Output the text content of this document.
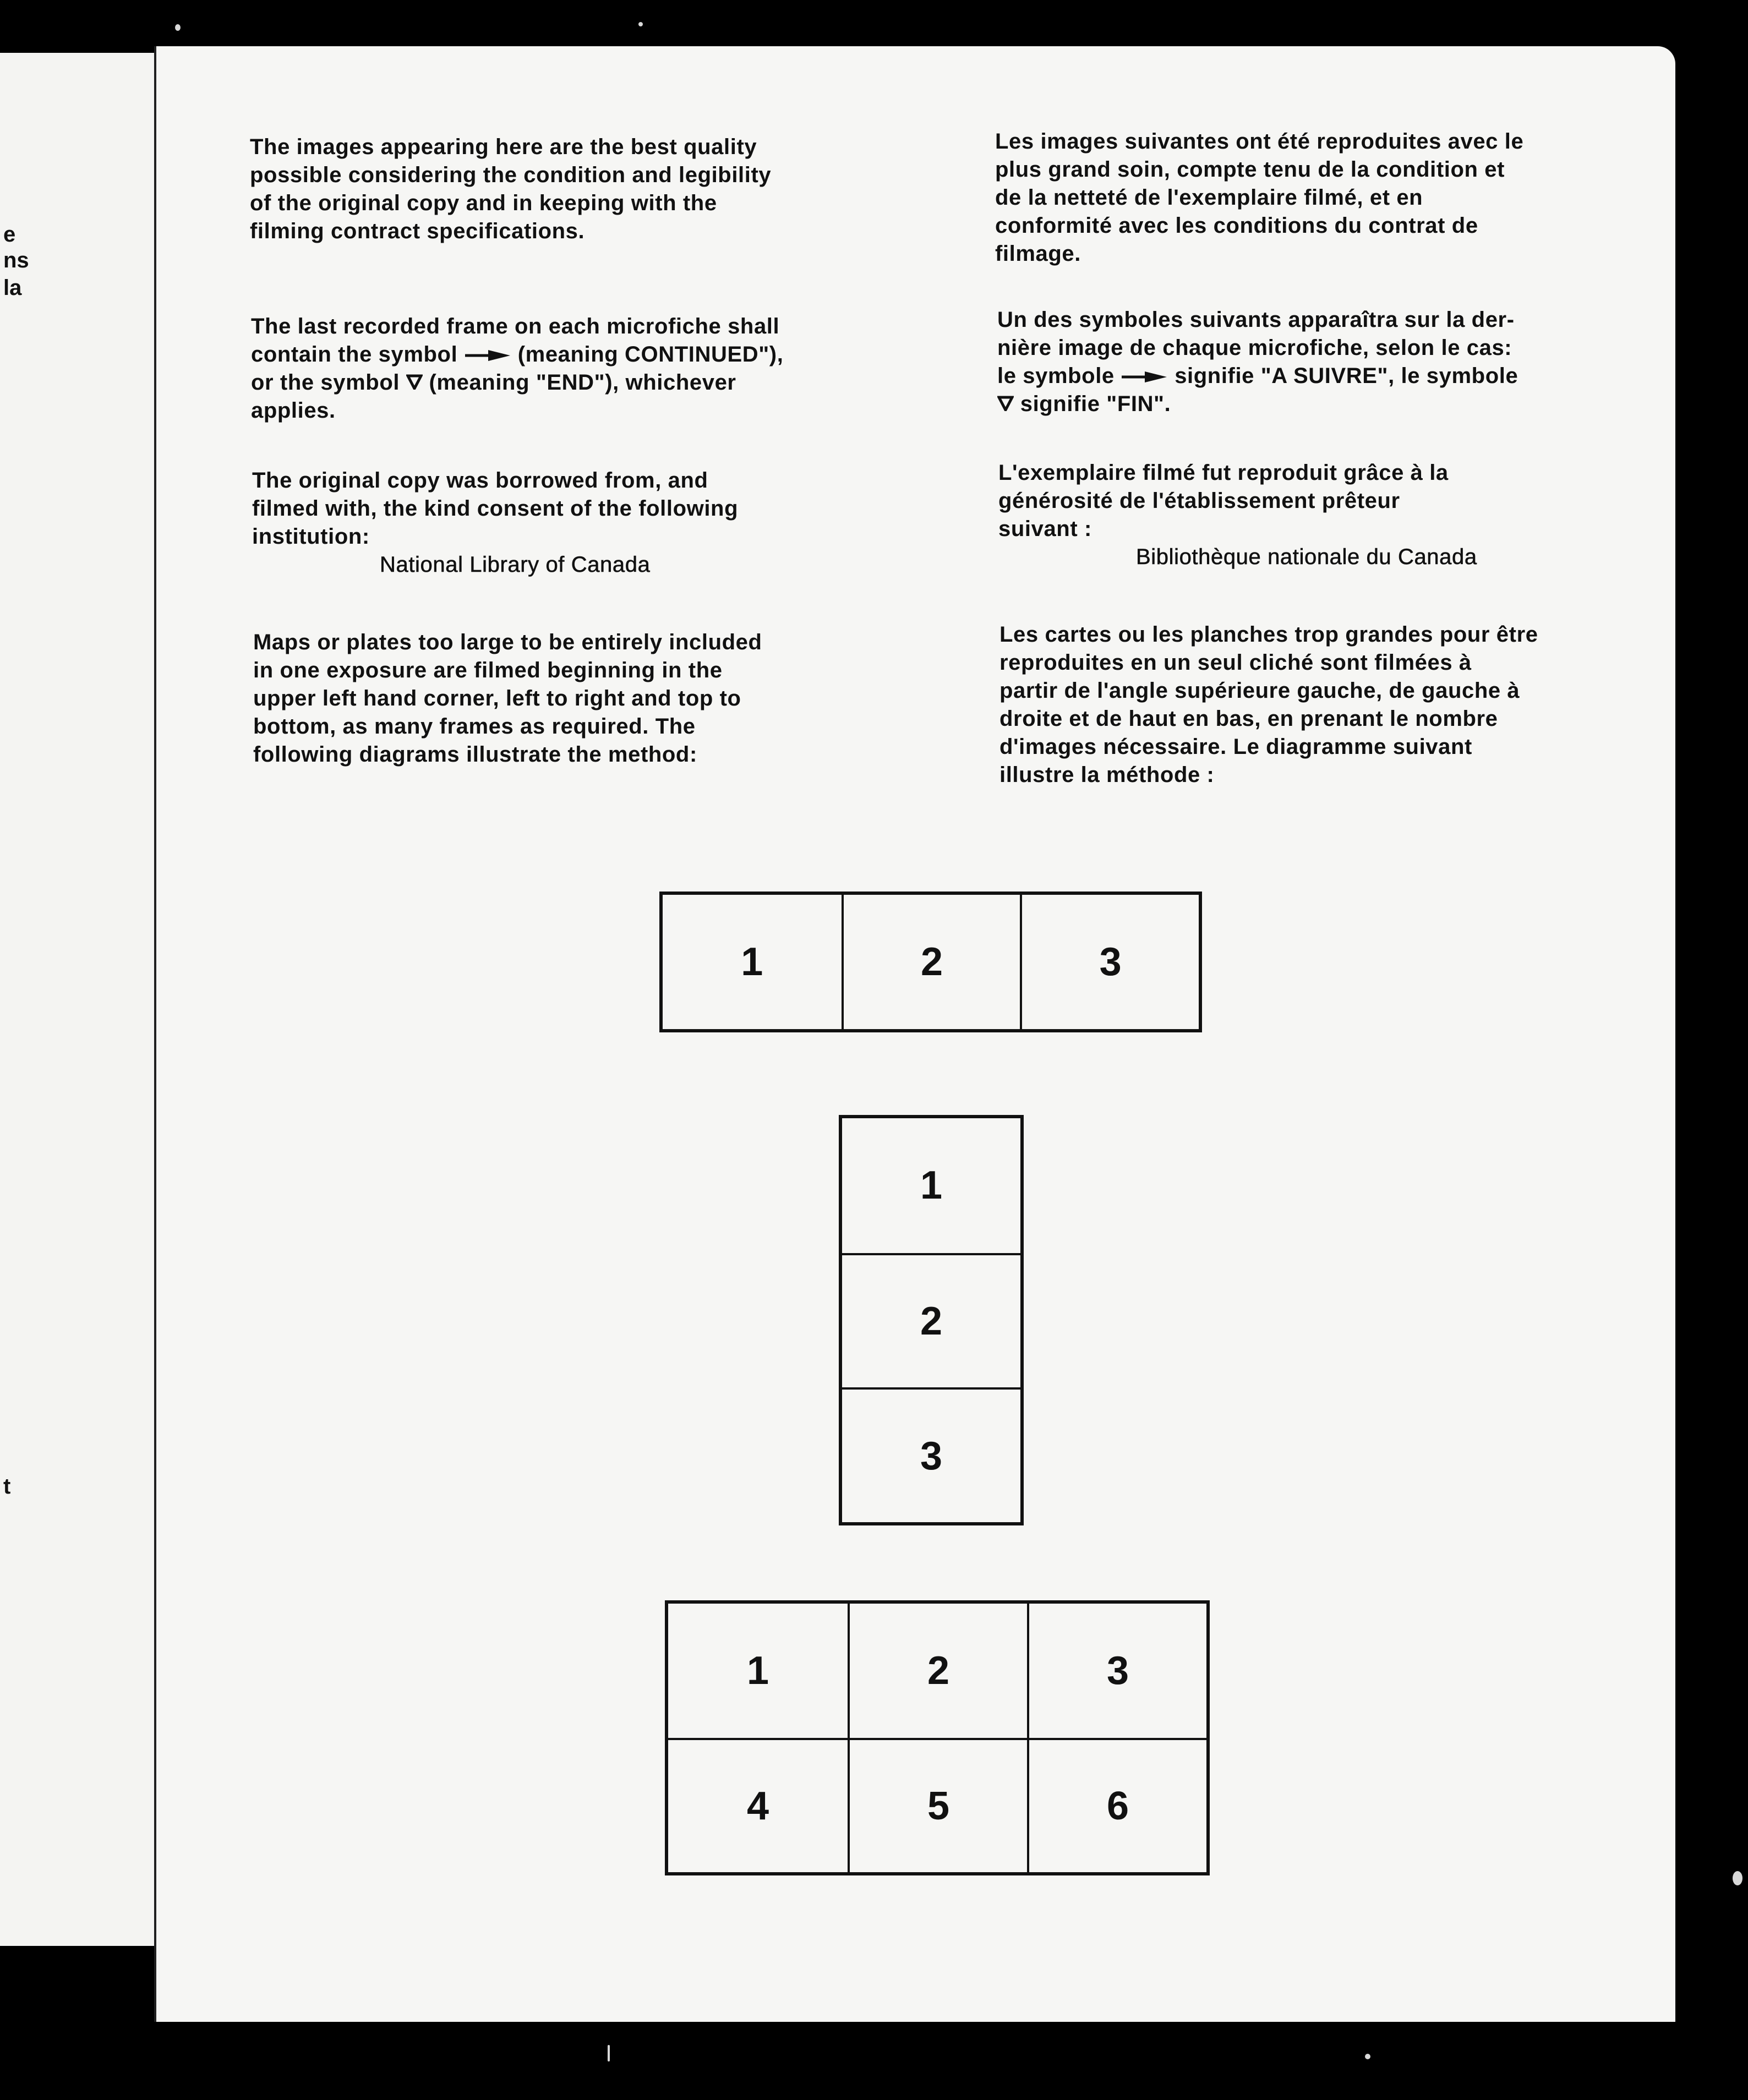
e
ns
la
t
The images appearing here are the best quality
possible considering the condition and legibility
of the original copy and in keeping with the
filming contract specifications.
The last recorded frame on each microfiche shall
contain the symbol	(meaning CONTINUED"),
or the symbol (meaning "END"), whichever
applies.
The original copy was borrowed from, and
filmed with, the kind consent of the following
institution:
National Library of Canada
Maps or plates too large to be entirely included
in one exposure are filmed beginning in the
upper left hand corner, left to right and top to
bottom, as many frames as required. The
following diagrams illustrate the method:
Les images suivantes ont été reproduites avec le
plus grand soin, compte tenu de la condition et
de la netteté de l'exemplaire filmé, et en
conformité avec les conditions du contrat de
filmage.
Un des symboles suivants apparaîtra sur la der-
nière image de chaque microfiche, selon le cas:
le symbole	signifie "A SUIVRE", le symbole
signifie "FIN".
L'exemplaire filmé fut reproduit grâce à la
générosité de l'établissement prêteur
suivant :
Bibliothèque nationale du Canada
Les cartes ou les planches trop grandes pour être
reproduites en un seul cliché sont filmées à
partir de l'angle supérieure gauche, de gauche à
droite et de haut en bas, en prenant le nombre
d'images nécessaire. Le diagramme suivant
illustre la méthode :
1	2	3
1
2
3
1	2	3
4	5	6
